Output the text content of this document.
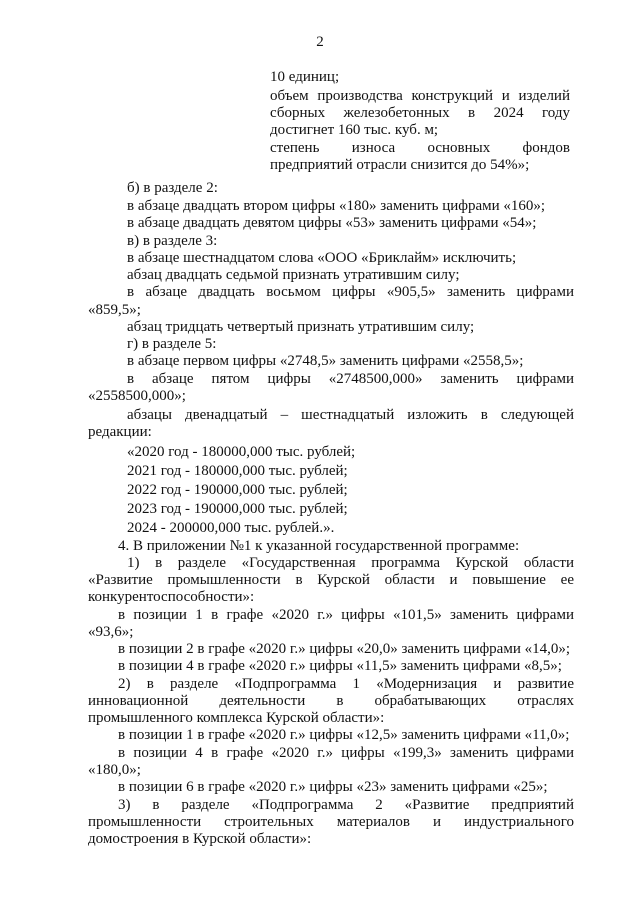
2

10 единиц;

объем производства конструкций и изделий

сборных железобетонных в 2024 году

достигнет 160 тыс. куб. м;

степень износа основных фондов

предприятий отрасли снизится до 54%»;

б) в разделе 2:

в абзаце двадцать втором цифры «180» заменить цифрами «160»;

в абзаце двадцать девятом цифры «53» заменить цифрами «54»;

в) в разделе 3:

в абзаце шестнадцатом слова «ООО «Бриклайм» исключить;

абзац двадцать седьмой признать утратившим силу;

в абзаце двадцать восьмом цифры «905,5» заменить цифрами

«859,5»;

абзац тридцать четвертый признать утратившим силу;

г) в разделе 5:

в абзаце первом цифры «2748,5» заменить цифрами «2558,5»;

в абзаце пятом цифры «2748500,000» заменить цифрами

«2558500,000»;

абзацы двенадцатый – шестнадцатый изложить в следующей

редакции:

«2020 год - 180000,000 тыс. рублей;

2021 год - 180000,000 тыс. рублей;

2022 год - 190000,000 тыс. рублей;

2023 год - 190000,000 тыс. рублей;

2024 - 200000,000 тыс. рублей.».

4. В приложении №1 к указанной государственной программе:

1) в разделе «Государственная программа Курской области

«Развитие промышленности в Курской области и повышение ее

конкурентоспособности»:

в позиции 1 в графе «2020 г.» цифры «101,5» заменить цифрами

«93,6»;

в позиции 2 в графе «2020 г.» цифры «20,0» заменить цифрами «14,0»;

в позиции 4 в графе «2020 г.» цифры «11,5» заменить цифрами «8,5»;

2) в разделе «Подпрограмма 1 «Модернизация и развитие

инновационной деятельности в обрабатывающих отраслях

промышленного комплекса Курской области»:

в позиции 1 в графе «2020 г.» цифры «12,5» заменить цифрами «11,0»;

в позиции 4 в графе «2020 г.» цифры «199,3» заменить цифрами

«180,0»;

в позиции 6 в графе «2020 г.» цифры «23» заменить цифрами «25»;

3) в разделе «Подпрограмма 2 «Развитие предприятий

промышленности строительных материалов и индустриального

домостроения в Курской области»:
